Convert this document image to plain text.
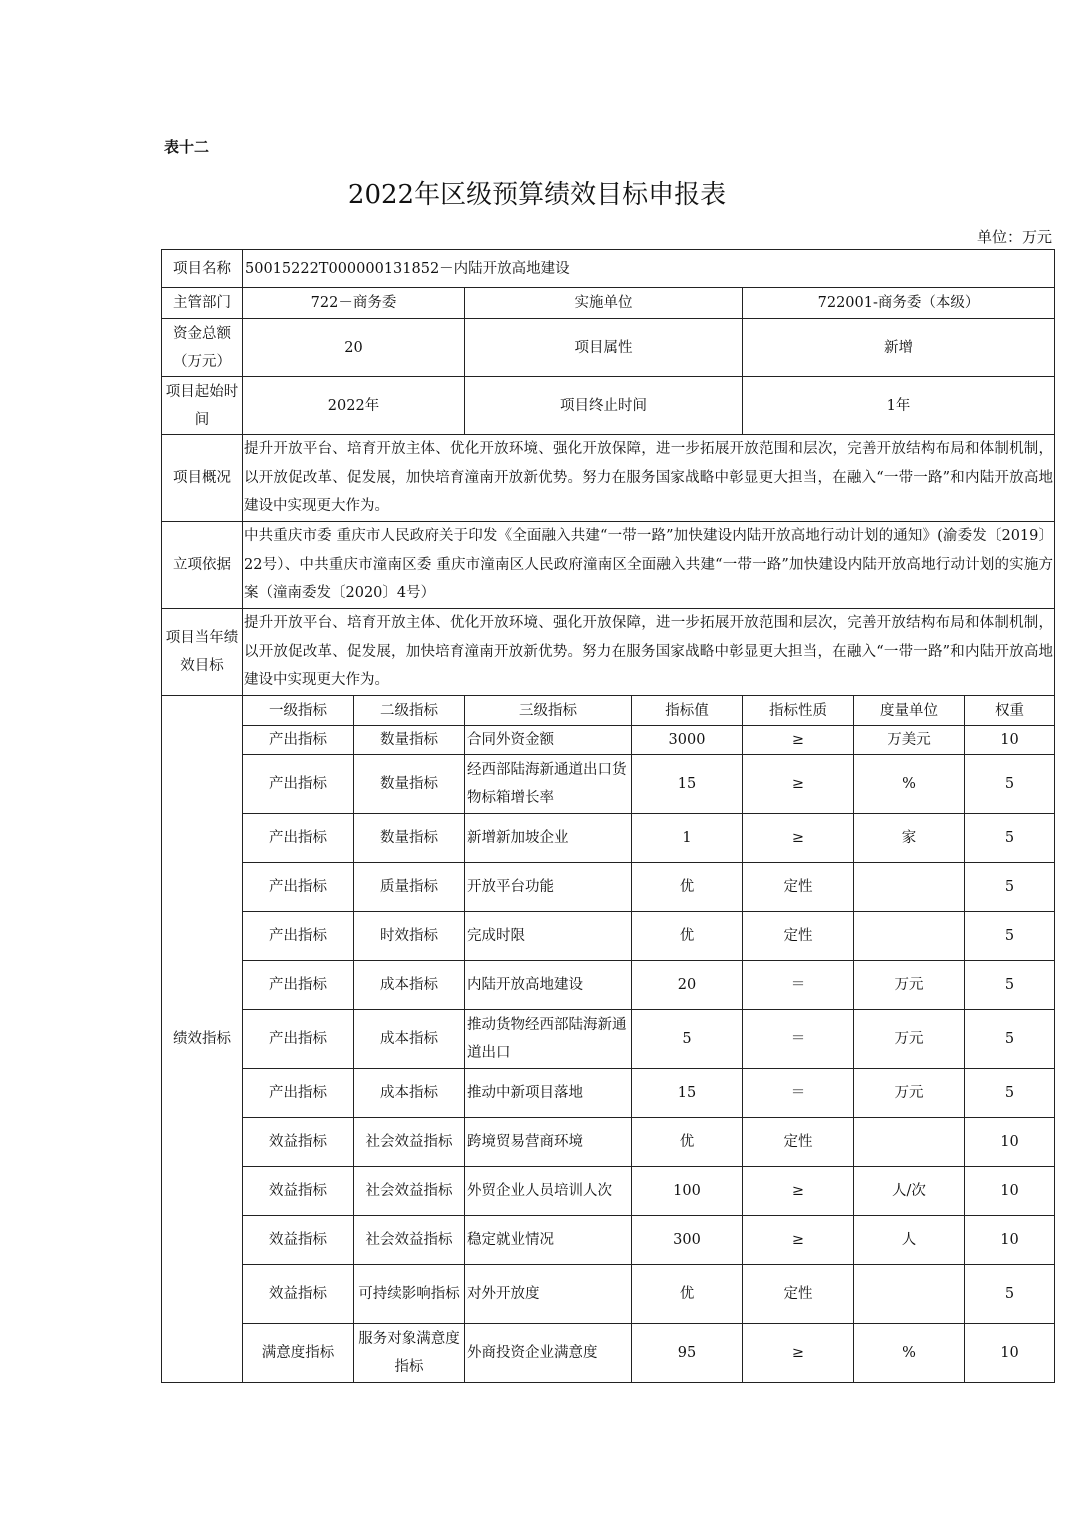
表十二
2022年区级预算绩效目标申报表
单位：万元
项目名称	50015222T000000131852－内陆开放高地建设						
主管部门	722－商务委		实施单位		722001-商务委（本级）		
资金总额（万元）	20		项目属性		新增		
项目起始时间	2022年		项目终止时间		1年		
项目概况	提升开放平台、培育开放主体、优化开放环境、强化开放保障，进一步拓展开放范围和层次，完善开放结构布局和体制机制，以开放促改革、促发展，加快培育潼南开放新优势。努力在服务国家战略中彰显更大担当，在融入“一带一路”和内陆开放高地建设中实现更大作为。						
立项依据	中共重庆市委 重庆市人民政府关于印发《全面融入共建“一带一路”加快建设内陆开放高地行动计划的通知》(渝委发〔2019〕22号）、中共重庆市潼南区委 重庆市潼南区人民政府潼南区全面融入共建“一带一路”加快建设内陆开放高地行动计划的实施方案（潼南委发〔2020〕4号）						
项目当年绩效目标	提升开放平台、培育开放主体、优化开放环境、强化开放保障，进一步拓展开放范围和层次，完善开放结构布局和体制机制，以开放促改革、促发展，加快培育潼南开放新优势。努力在服务国家战略中彰显更大担当，在融入“一带一路”和内陆开放高地建设中实现更大作为。						
绩效指标	一级指标	二级指标	三级指标	指标值	指标性质	度量单位	权重
	产出指标	数量指标	合同外资金额	3000	≥	万美元	10
	产出指标	数量指标	经西部陆海新通道出口货物标箱增长率	15	≥	%	5
	产出指标	数量指标	新增新加坡企业	1	≥	家	5
	产出指标	质量指标	开放平台功能	优	定性		5
	产出指标	时效指标	完成时限	优	定性		5
	产出指标	成本指标	内陆开放高地建设	20	＝	万元	5
	产出指标	成本指标	推动货物经西部陆海新通道出口	5	＝	万元	5
	产出指标	成本指标	推动中新项目落地	15	＝	万元	5
	效益指标	社会效益指标	跨境贸易营商环境	优	定性		10
	效益指标	社会效益指标	外贸企业人员培训人次	100	≥	人/次	10
	效益指标	社会效益指标	稳定就业情况	300	≥	人	10
	效益指标	可持续影响指标	对外开放度	优	定性		5
	满意度指标	服务对象满意度指标	外商投资企业满意度	95	≥	%	10
